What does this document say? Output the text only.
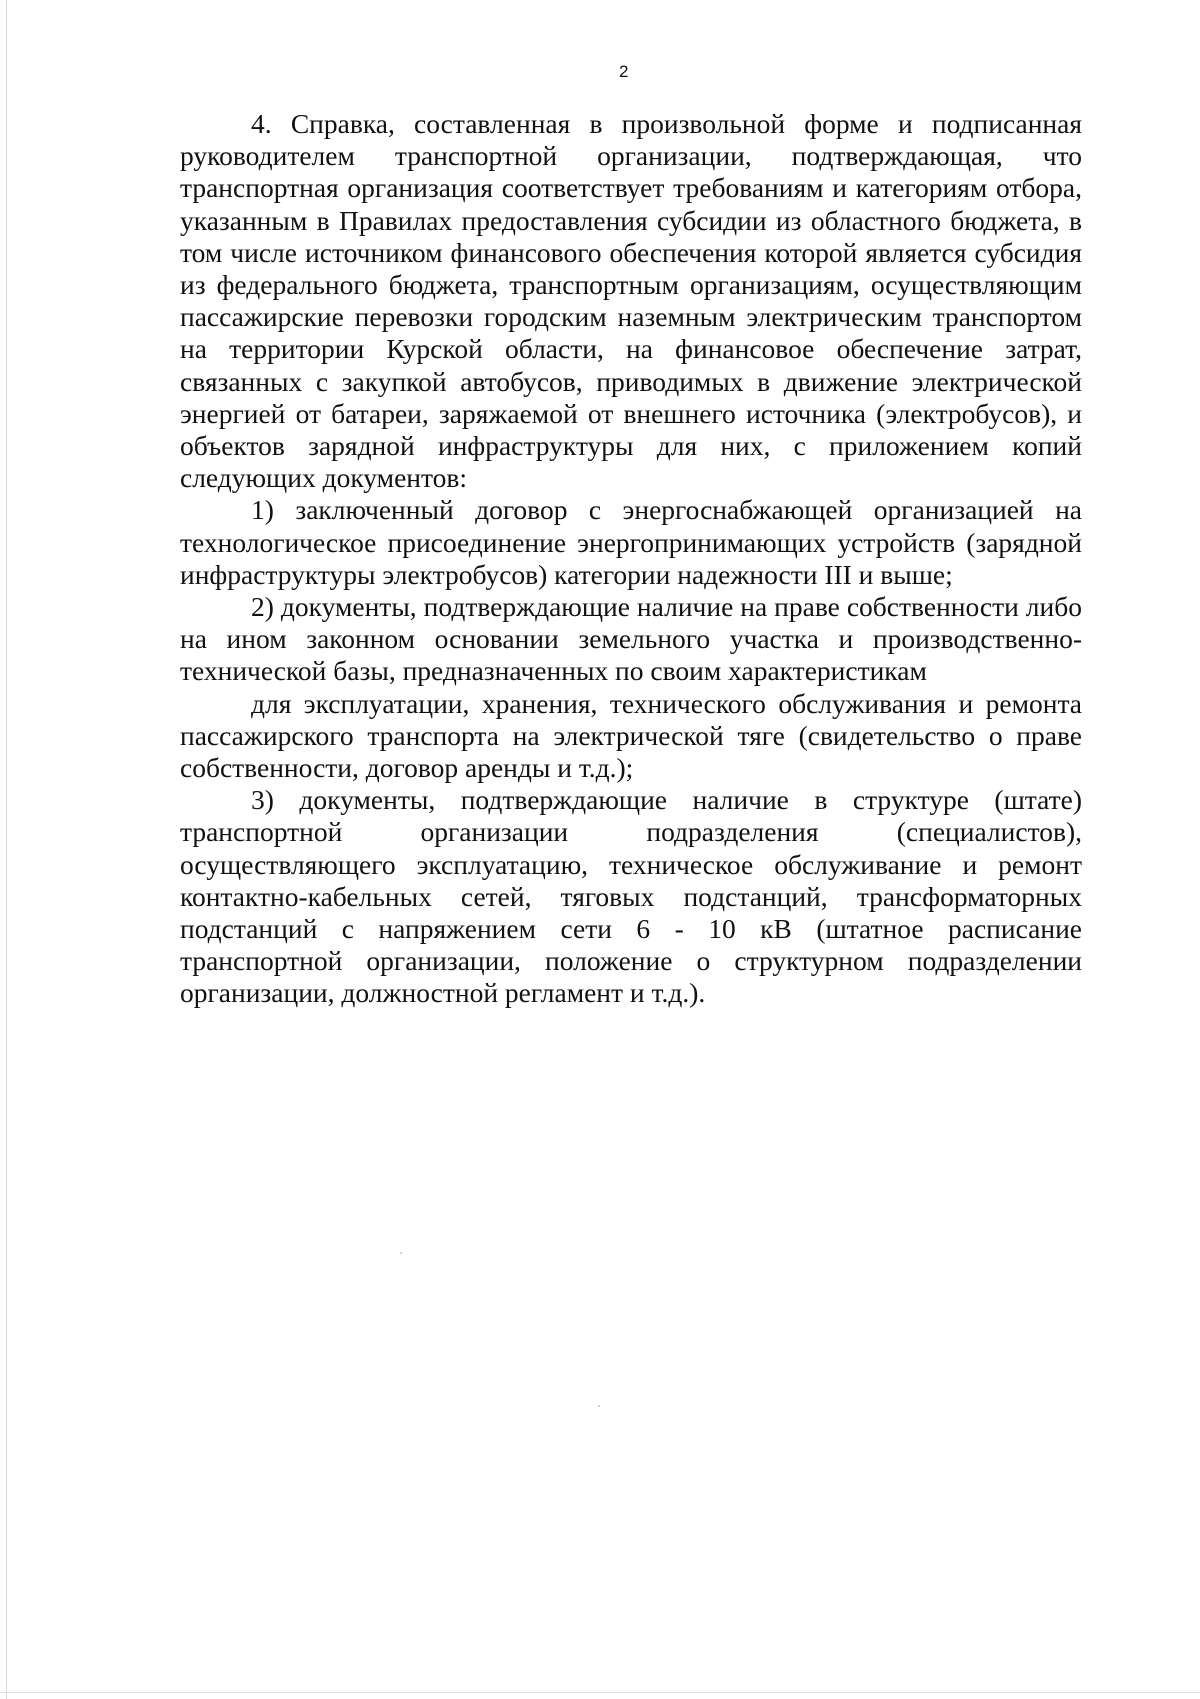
2

4. Справка, составленная в произвольной форме и подписанная руководителем транспортной организации, подтверждающая, что транспортная организация соответствует требованиям и категориям отбора, указанным в Правилах предоставления субсидии из областного бюджета, в том числе источником финансового обеспечения которой является субсидия из федерального бюджета, транспортным организациям, осуществляющим пассажирские перевозки городским наземным электрическим транспортом на территории Курской области, на финансовое обеспечение затрат, связанных с закупкой автобусов, приводимых в движение электрической энергией от батареи, заряжаемой от внешнего источника (электробусов), и объектов зарядной инфраструктуры для них, с приложением копий следующих документов:

1) заключенный договор с энергоснабжающей организацией на технологическое присоединение энергопринимающих устройств (зарядной инфраструктуры электробусов) категории надежности III и выше;

2) документы, подтверждающие наличие на праве собственности либо на ином законном основании земельного участка и производственно-технической базы, предназначенных по своим характеристикам

для эксплуатации, хранения, технического обслуживания и ремонта пассажирского транспорта на электрической тяге (свидетельство о праве собственности, договор аренды и т.д.);

3) документы, подтверждающие наличие в структуре (штате) транспортной организации подразделения (специалистов), осуществляющего эксплуатацию, техническое обслуживание и ремонт контактно-кабельных сетей, тяговых подстанций, трансформаторных подстанций с напряжением сети 6 - 10 кВ (штатное расписание транспортной организации, положение о структурном подразделении организации, должностной регламент и т.д.).
